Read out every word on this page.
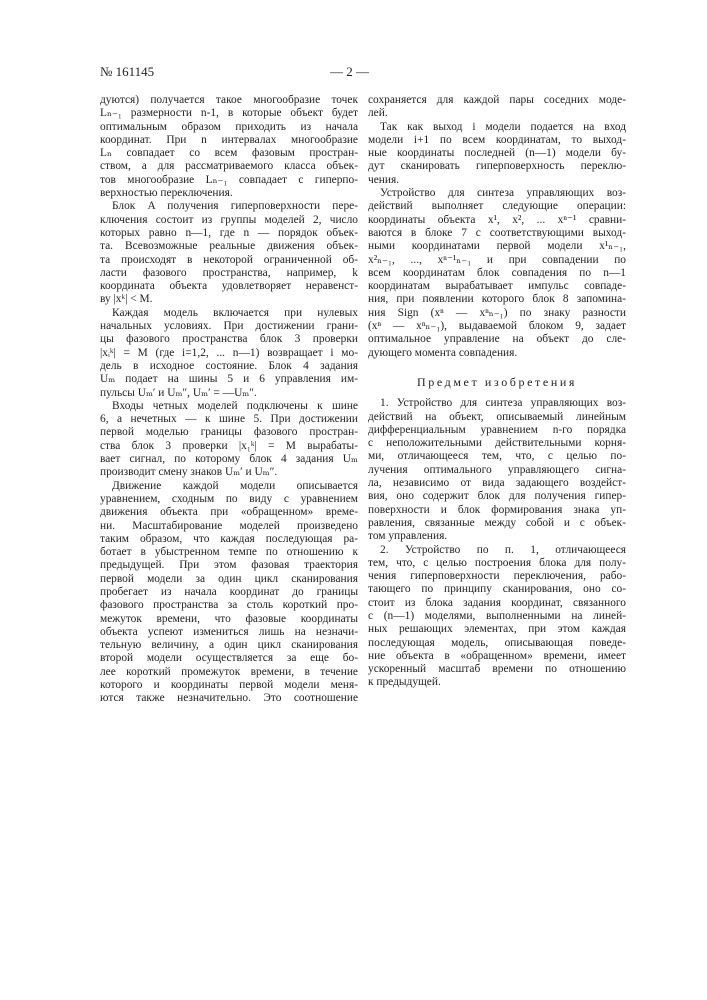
№ 161145	— 2 —
дуются) получается такое многообразие точек
Lₙ₋₁ размерности n-1, в которые объект будет
оптимальным образом приходить из начала
координат. При n интервалах многообразие
Lₙ совпадает со всем фазовым простран-
ством, а для рассматриваемого класса объек-
тов многообразие Lₙ₋₁ совпадает с гиперпо-
верхностью переключения.
Блок A получения гиперповерхности пере-
ключения состоит из группы моделей 2, число
которых равно n—1, где n — порядок объек-
та. Всевозможные реальные движения объек-
та происходят в некоторой ограниченной об-
ласти фазового пространства, например, k
координата объекта удовлетворяет неравенст-
ву |xᵏ| < M.
Каждая модель включается при нулевых
начальных условиях. При достижении грани-
цы фазового пространства блок 3 проверки
|xᵢᵏ| = M (где i=1,2, ... n—1) возвращает i мо-
дель в исходное состояние. Блок 4 задания
Uₘ подает на шины 5 и 6 управления им-
пульсы Uₘ′ и Uₘ″, Uₘ′ = —Uₘ″.
Входы четных моделей подключены к шине
6, а нечетных — к шине 5. При достижении
первой моделью границы фазового простран-
ства блок 3 проверки |x₁ᵏ| = M вырабаты-
вает сигнал, по которому блок 4 задания Uₘ
производит смену знаков Uₘ′ и Uₘ″.
Движение каждой модели описывается
уравнением, сходным по виду с уравнением
движения объекта при «обращенном» време-
ни. Масштабирование моделей произведено
таким образом, что каждая последующая ра-
ботает в убыстренном темпе по отношению к
предыдущей. При этом фазовая траектория
первой модели за один цикл сканирования
пробегает из начала координат до границы
фазового пространства за столь короткий про-
межуток времени, что фазовые координаты
объекта успеют измениться лишь на незначи-
тельную величину, а один цикл сканирования
второй модели осуществляется за еще бо-
лее короткий промежуток времени, в течение
которого и координаты первой модели меня-
ются также незначительно. Это соотношение
сохраняется для каждой пары соседних моде-
лей.
Так как выход i модели подается на вход
модели i+1 по всем координатам, то выход-
ные координаты последней (n—1) модели бу-
дут сканировать гиперповерхность переклю-
чения.
Устройство для синтеза управляющих воз-
действий выполняет следующие операции:
координаты объекта x¹, x², ... xⁿ⁻¹ сравни-
ваются в блоке 7 с соответствующими выход-
ными координатами первой модели x¹ₙ₋₁,
x²ₙ₋₁, ..., xⁿ⁻¹ₙ₋₁ и при совпадении по
всем координатам блок совпадения по n—1
координатам вырабатывает импульс совпаде-
ния, при появлении которого блок 8 запомина-
ния Sign (xⁿ — xⁿₙ₋₁) по знаку разности
(xⁿ — xⁿₙ₋₁), выдаваемой блоком 9, задает
оптимальное управление на объект до сле-
дующего момента совпадения.
Предмет изобретения
1. Устройство для синтеза управляющих воз-
действий на объект, описываемый линейным
дифференциальным уравнением n-го порядка
с неположительными действительными корня-
ми, отличающееся тем, что, с целью по-
лучения оптимального управляющего сигна-
ла, независимо от вида задающего воздейст-
вия, оно содержит блок для получения гипер-
поверхности и блок формирования знака уп-
равления, связанные между собой и с объек-
том управления.
2. Устройство по п. 1, отличающееся
тем, что, с целью построения блока для полу-
чения гиперповерхности переключения, рабо-
тающего по принципу сканирования, оно со-
стоит из блока задания координат, связанного
с (n—1) моделями, выполненными на линей-
ных решающих элементах, при этом каждая
последующая модель, описывающая поведе-
ние объекта в «обращенном» времени, имеет
ускоренный масштаб времени по отношению
к предыдущей.
